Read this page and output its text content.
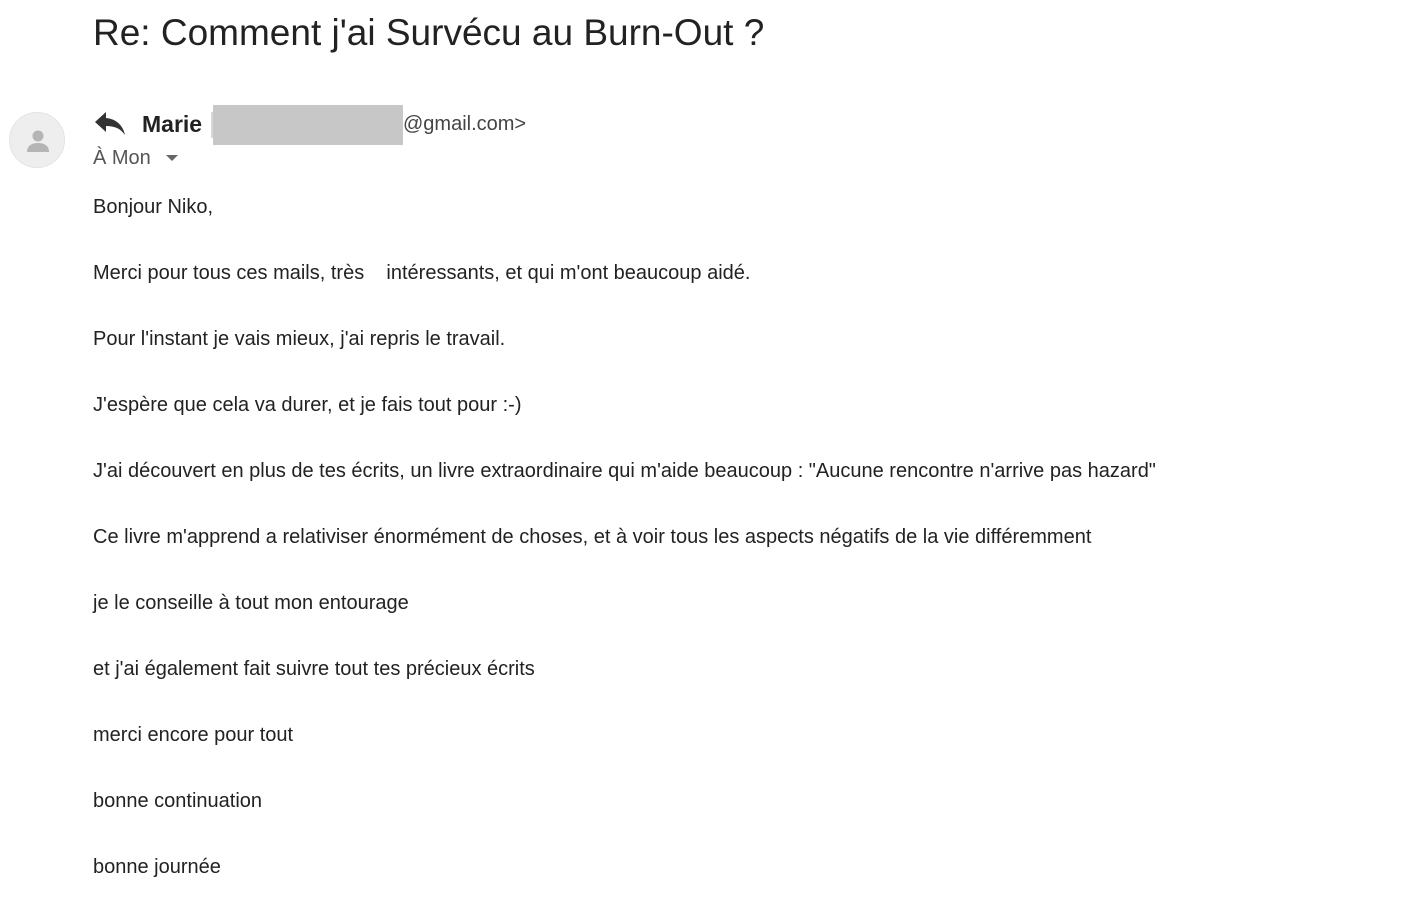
Re: Comment j'ai Survécu au Burn-Out ?
Marie	@gmail.com>
À Mon
Bonjour Niko,
Merci pour tous ces mails, très    intéressants, et qui m'ont beaucoup aidé.
Pour l'instant je vais mieux, j'ai repris le travail.
J'espère que cela va durer, et je fais tout pour :-)
J'ai découvert en plus de tes écrits, un livre extraordinaire qui m'aide beaucoup : "Aucune rencontre n'arrive pas hazard"
Ce livre m'apprend a relativiser énormément de choses, et à voir tous les aspects négatifs de la vie différemment
je le conseille à tout mon entourage
et j'ai également fait suivre tout tes précieux écrits
merci encore pour tout
bonne continuation
bonne journée
